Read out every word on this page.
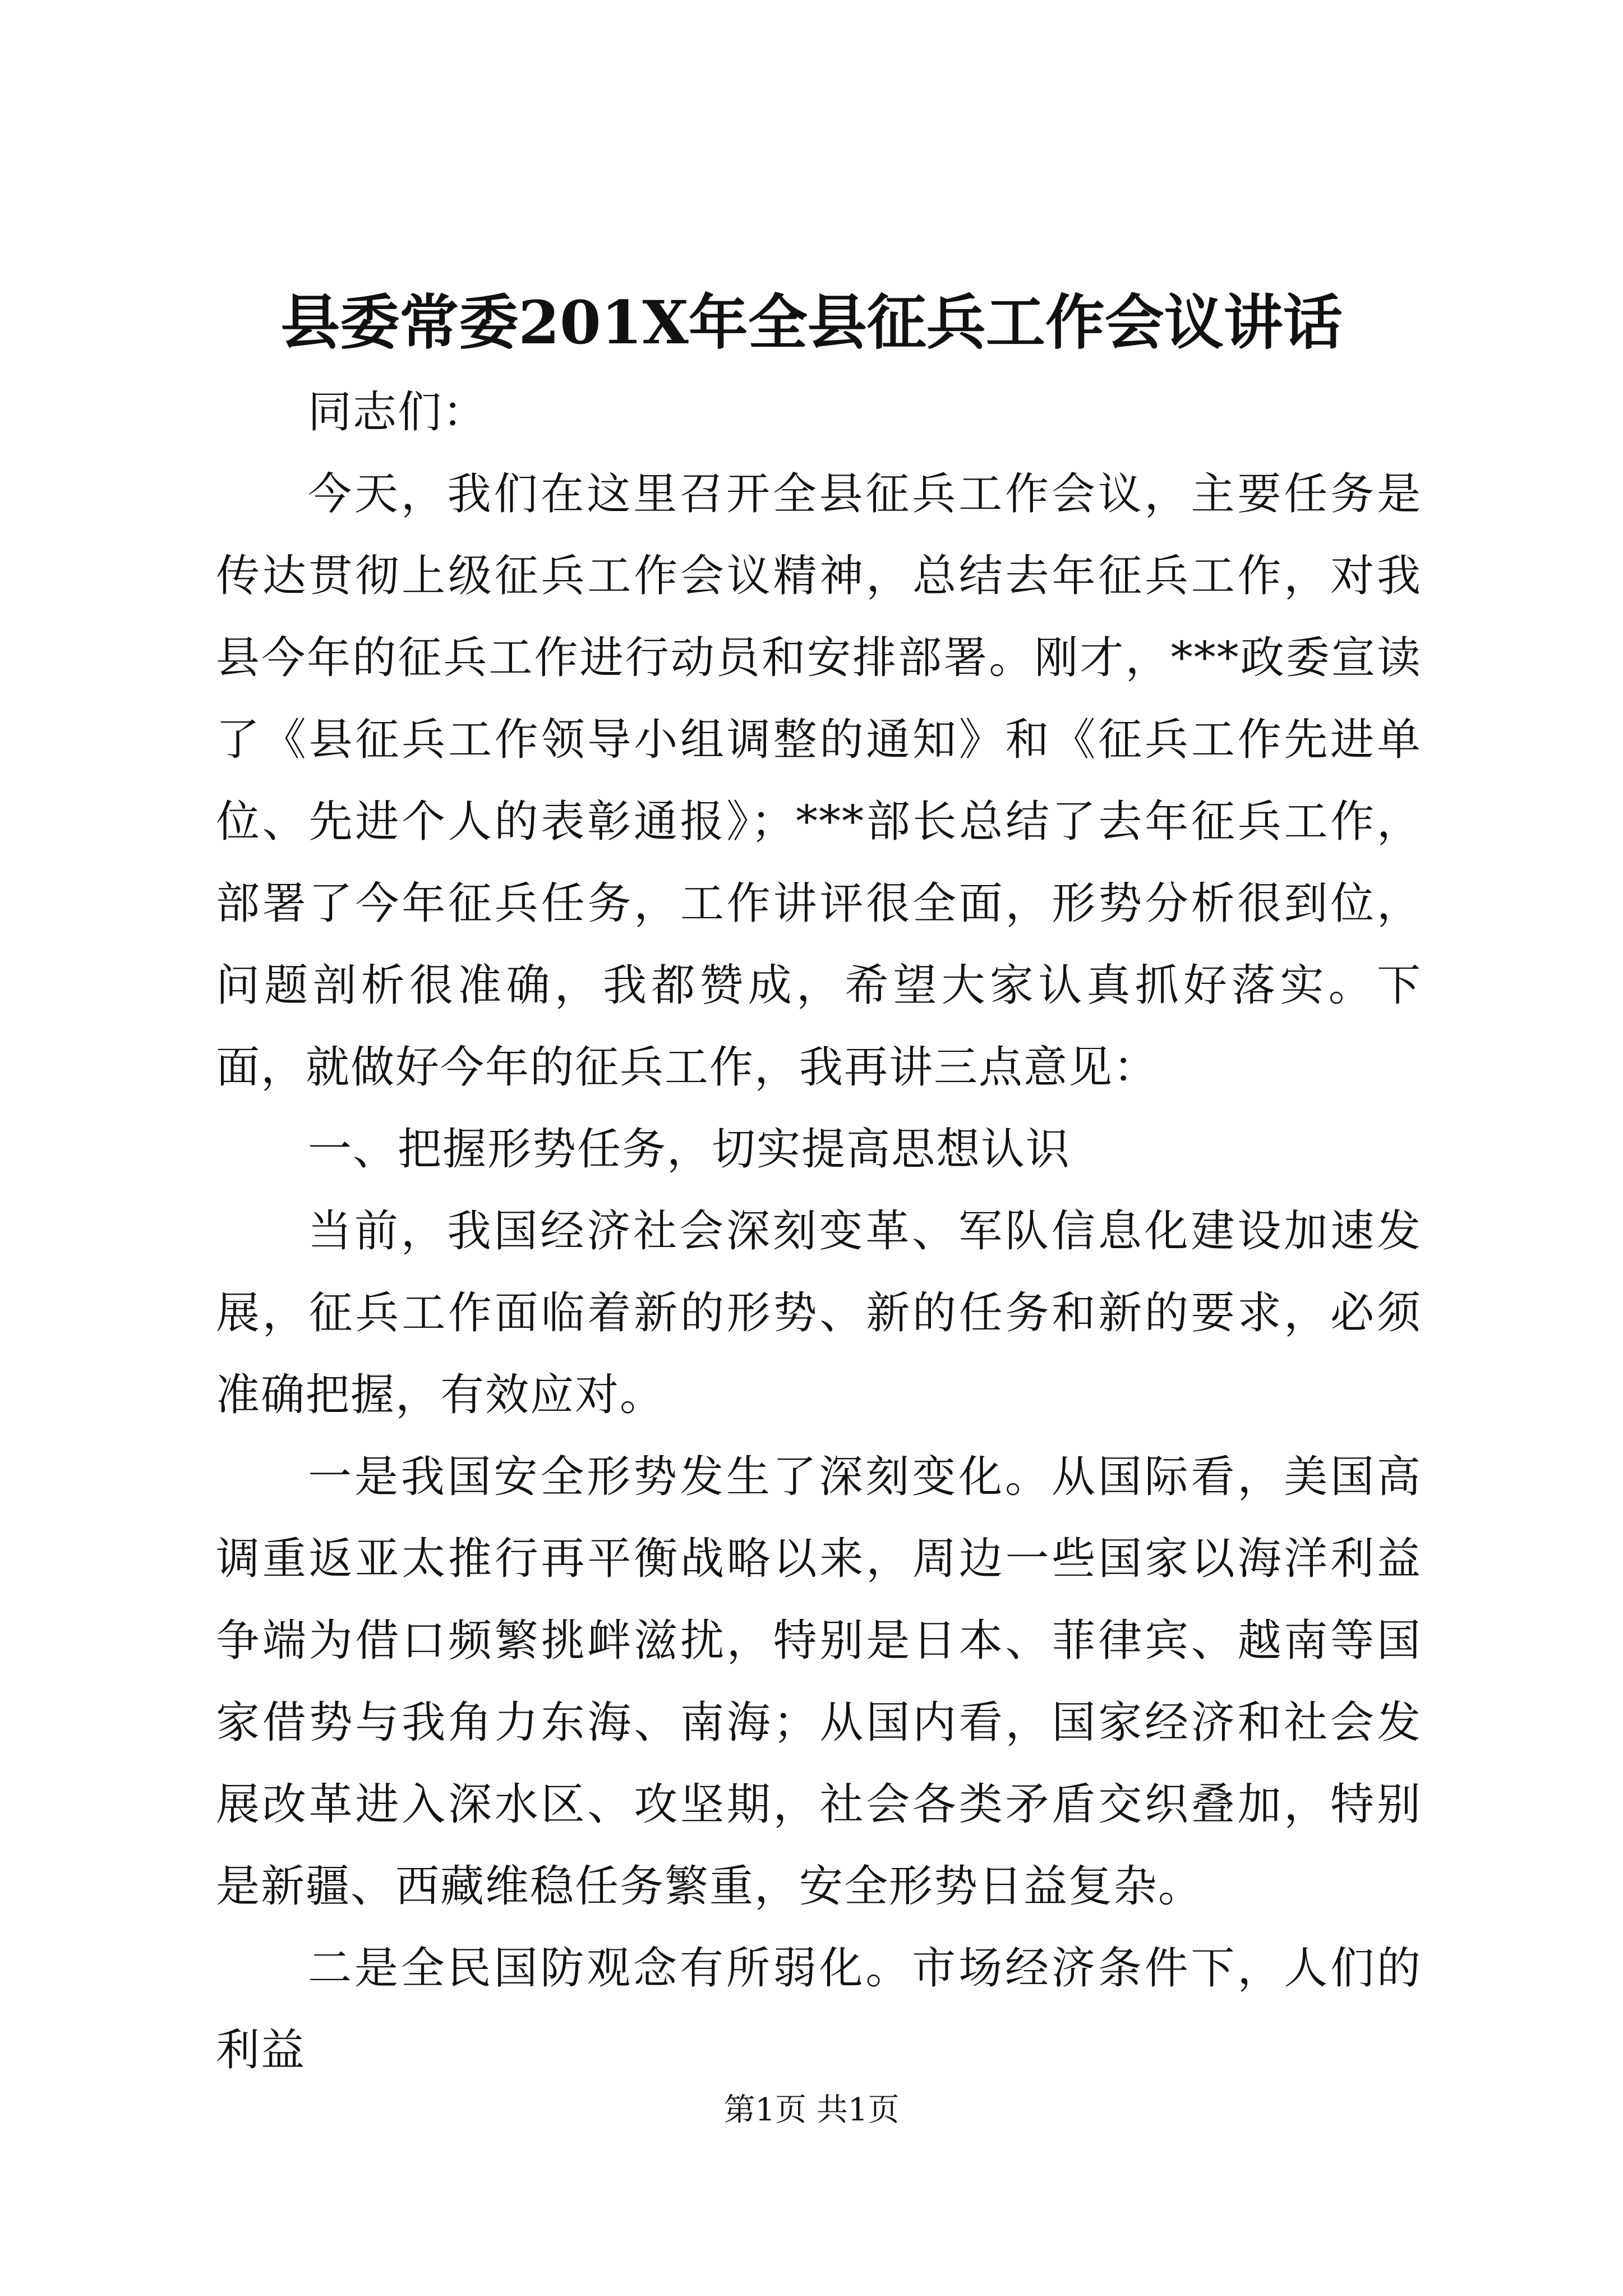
县委常委201X年全县征兵工作会议讲话

同志们：

今天，我们在这里召开全县征兵工作会议，主要任务是传达贯彻上级征兵工作会议精神，总结去年征兵工作，对我县今年的征兵工作进行动员和安排部署。刚才，***政委宣读了《县征兵工作领导小组调整的通知》和《征兵工作先进单位、先进个人的表彰通报》；***部长总结了去年征兵工作，部署了今年征兵任务，工作讲评很全面，形势分析很到位，问题剖析很准确，我都赞成，希望大家认真抓好落实。下面，就做好今年的征兵工作，我再讲三点意见：

一、把握形势任务，切实提高思想认识

当前，我国经济社会深刻变革、军队信息化建设加速发展，征兵工作面临着新的形势、新的任务和新的要求，必须准确把握，有效应对。

一是我国安全形势发生了深刻变化。从国际看，美国高调重返亚太推行再平衡战略以来，周边一些国家以海洋利益争端为借口频繁挑衅滋扰，特别是日本、菲律宾、越南等国家借势与我角力东海、南海；从国内看，国家经济和社会发展改革进入深水区、攻坚期，社会各类矛盾交织叠加，特别是新疆、西藏维稳任务繁重，安全形势日益复杂。

二是全民国防观念有所弱化。市场经济条件下，人们的利益

第1页 共1页
